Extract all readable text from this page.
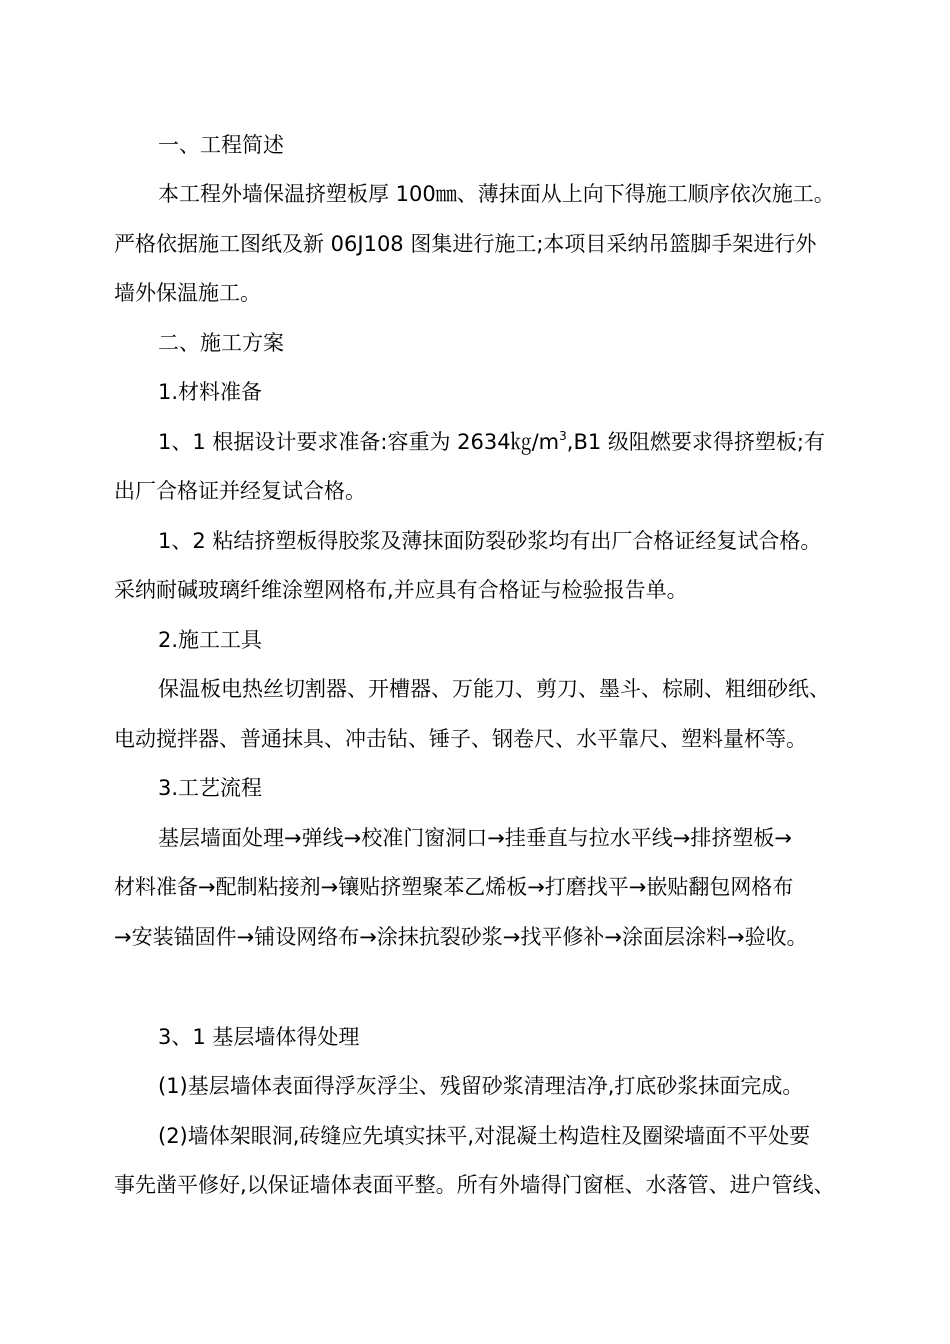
一、工程简述
本工程外墙保温挤塑板厚 100㎜、薄抹面从上向下得施工顺序依次施工。
严格依据施工图纸及新 06J108 图集进行施工;本项目采纳吊篮脚手架进行外
墙外保温施工。
二、施工方案
1.材料准备
1、1 根据设计要求准备:容重为 $2634㎏/m^3,B1$ 级阻燃要求得挤塑板;有
出厂合格证并经复试合格。
1、2 粘结挤塑板得胶浆及薄抹面防裂砂浆均有出厂合格证经复试合格。
采纳耐碱玻璃纤维涂塑网格布,并应具有合格证与检验报告单。
2.施工工具
保温板电热丝切割器、开槽器、万能刀、剪刀、墨斗、棕刷、粗细砂纸、
电动搅拌器、普通抹具、冲击钻、锤子、钢卷尺、水平靠尺、塑料量杯等。
3.工艺流程
基层墙面处理→弹线→校准门窗洞口→挂垂直与拉水平线→排挤塑板→
材料准备→配制粘接剂→镶贴挤塑聚苯乙烯板→打磨找平→嵌贴翻包网格布
→安装锚固件→铺设网络布→涂抹抗裂砂浆→找平修补→涂面层涂料→验收。
3、1 基层墙体得处理
(1)基层墙体表面得浮灰浮尘、残留砂浆清理洁净,打底砂浆抹面完成。
(2)墙体架眼洞,砖缝应先填实抹平,对混凝土构造柱及圈梁墙面不平处要
事先凿平修好,以保证墙体表面平整。所有外墙得门窗框、水落管、进户管线、
